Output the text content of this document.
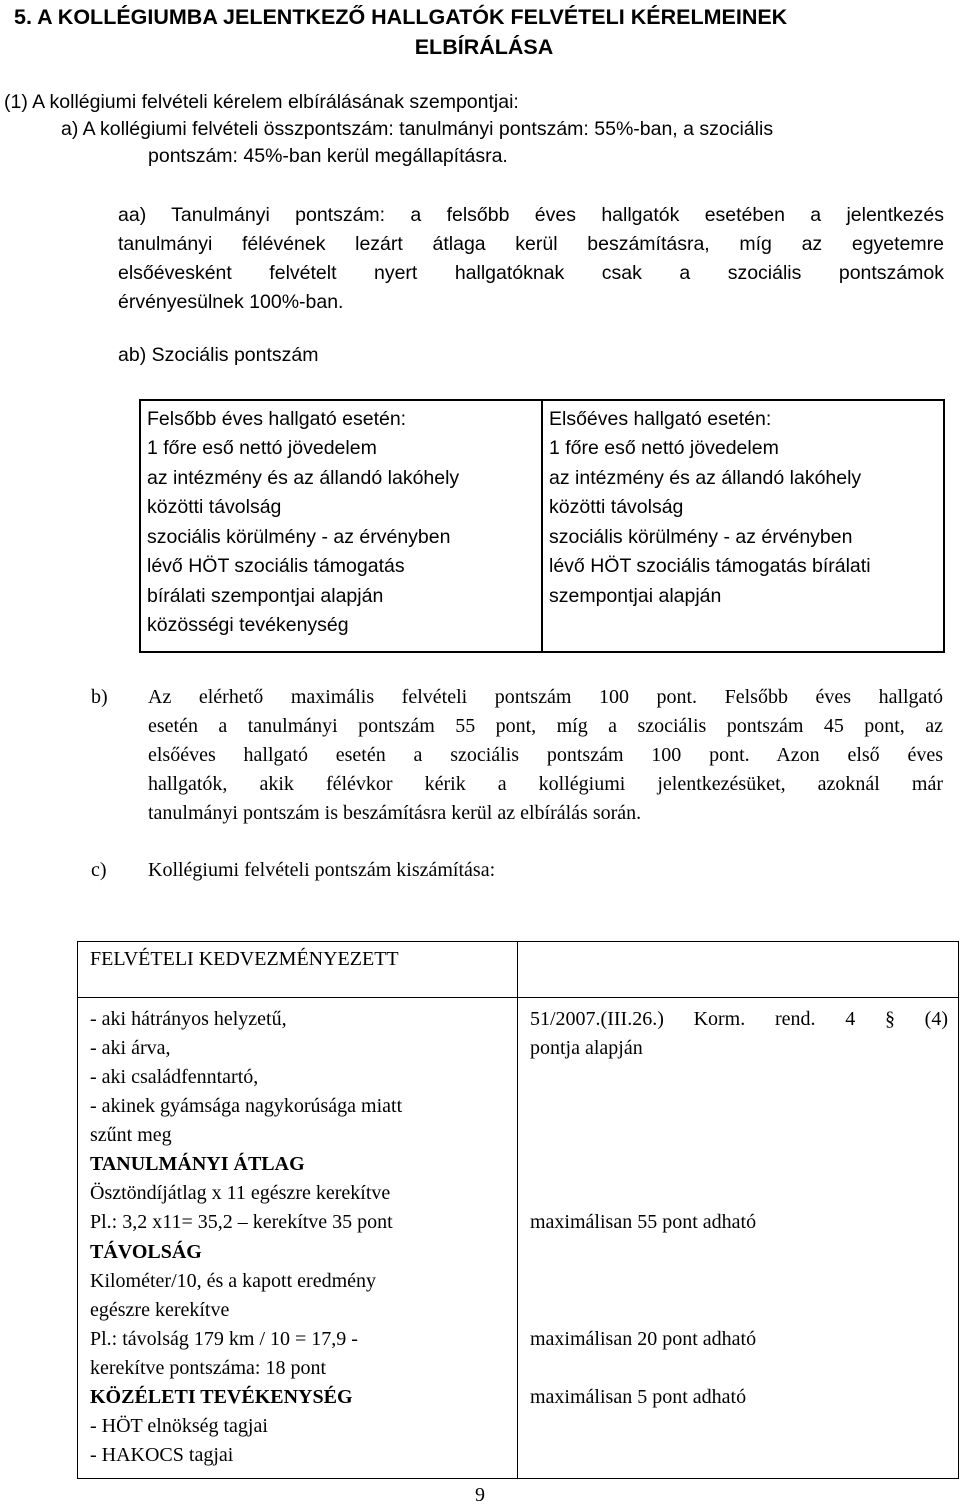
5. A KOLLÉGIUMBA JELENTKEZŐ HALLGATÓK FELVÉTELI KÉRELMEINEK
ELBÍRÁLÁSA
(1) A kollégiumi felvételi kérelem elbírálásának szempontjai:
a) A kollégiumi felvételi összpontszám: tanulmányi pontszám: 55%-ban, a szociális
pontszám: 45%-ban kerül megállapításra.
aa) Tanulmányi pontszám: a felsőbb éves hallgatók esetében a jelentkezés
tanulmányi félévének lezárt átlaga kerül beszámításra, míg az egyetemre
elsőévesként felvételt nyert hallgatóknak csak a szociális pontszámok
érvényesülnek 100%-ban.
ab) Szociális pontszám
Felsőbb éves hallgató esetén:
1 főre eső nettó jövedelem
az intézmény és az állandó lakóhely
közötti távolság
szociális körülmény - az érvényben
lévő HÖT szociális támogatás
bírálati szempontjai alapján
közösségi tevékenység
Elsőéves hallgató esetén:
1 főre eső nettó jövedelem
az intézmény és az állandó lakóhely
közötti távolság
szociális körülmény - az érvényben
lévő HÖT szociális támogatás bírálati
szempontjai alapján
b) Az elérhető maximális felvételi pontszám 100 pont. Felsőbb éves hallgató
esetén a tanulmányi pontszám 55 pont, míg a szociális pontszám 45 pont, az
elsőéves hallgató esetén a szociális pontszám 100 pont. Azon első éves
hallgatók, akik félévkor kérik a kollégiumi jelentkezésüket, azoknál már
tanulmányi pontszám is beszámításra kerül az elbírálás során.
c) Kollégiumi felvételi pontszám kiszámítása:
FELVÉTELI KEDVEZMÉNYEZETT
- aki hátrányos helyzetű,
- aki árva,
- aki családfenntartó,
- akinek gyámsága nagykorúsága miatt
szűnt meg
TANULMÁNYI ÁTLAG
Ösztöndíjátlag x 11 egészre kerekítve
Pl.: 3,2 x11= 35,2 – kerekítve 35 pont
TÁVOLSÁG
Kilométer/10, és a kapott eredmény
egészre kerekítve
Pl.: távolság 179 km / 10 = 17,9 -
kerekítve pontszáma: 18 pont
KÖZÉLETI TEVÉKENYSÉG
- HÖT elnökség tagjai
- HAKOCS tagjai
51/2007.(III.26.) Korm. rend. 4 § (4)
pontja alapján
maximálisan 55 pont adható
maximálisan 20 pont adható
maximálisan 5 pont adható
9
